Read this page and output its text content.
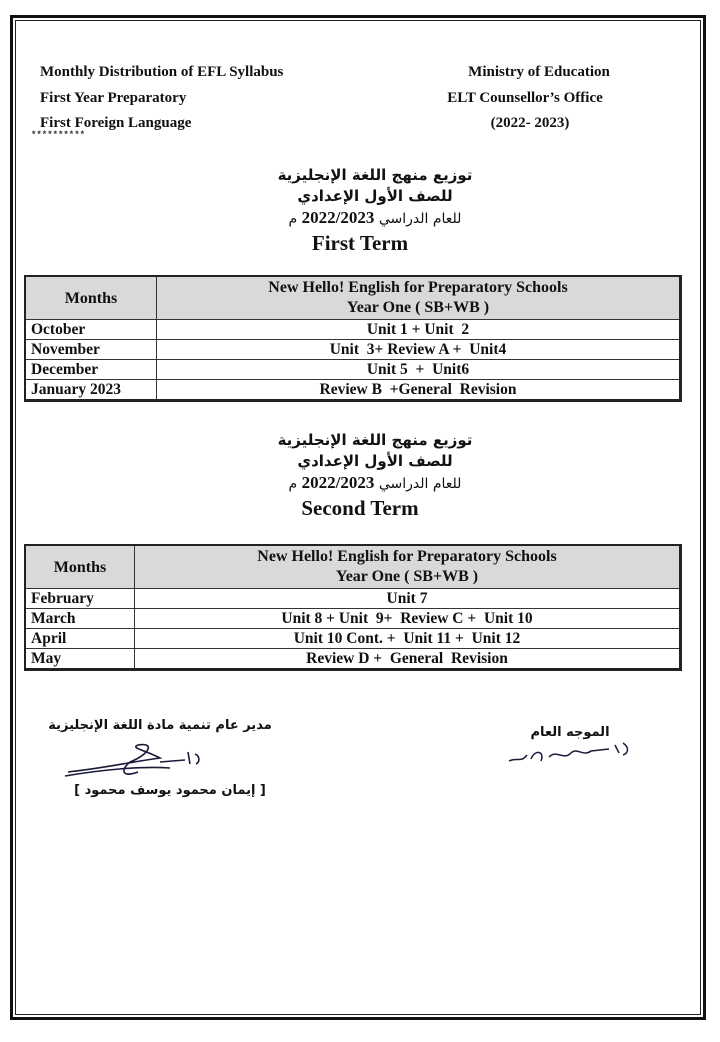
Monthly Distribution of EFL Syllabus
First Year Preparatory
First Foreign Language
**********
Ministry of Education
ELT Counsellor’s Office
(2022- 2023)
توزيع منهج اللغة الإنجليزية
للصف الأول الإعدادي
للعام الدراسي 2022/2023 م
First Term
Months	New Hello! English for Preparatory Schools
Year One ( SB+WB )

October	Unit 1 + Unit  2
November	Unit  3+ Review A +  Unit4
December	Unit 5  +  Unit6
January 2023	Review B  +General  Revision
توزيع منهج اللغة الإنجليزية
للصف الأول الإعدادي
للعام الدراسي 2022/2023 م
Second Term
Months	New Hello! English for Preparatory Schools
Year One ( SB+WB )

February	Unit 7
March	Unit 8 + Unit  9+  Review C +  Unit 10
April	Unit 10 Cont. +  Unit 11 +  Unit 12
May	Review D +  General  Revision
مدير عام تنمية مادة اللغة الإنجليزية
[ إيمان محمود يوسف محمود ]
الموجه العام
